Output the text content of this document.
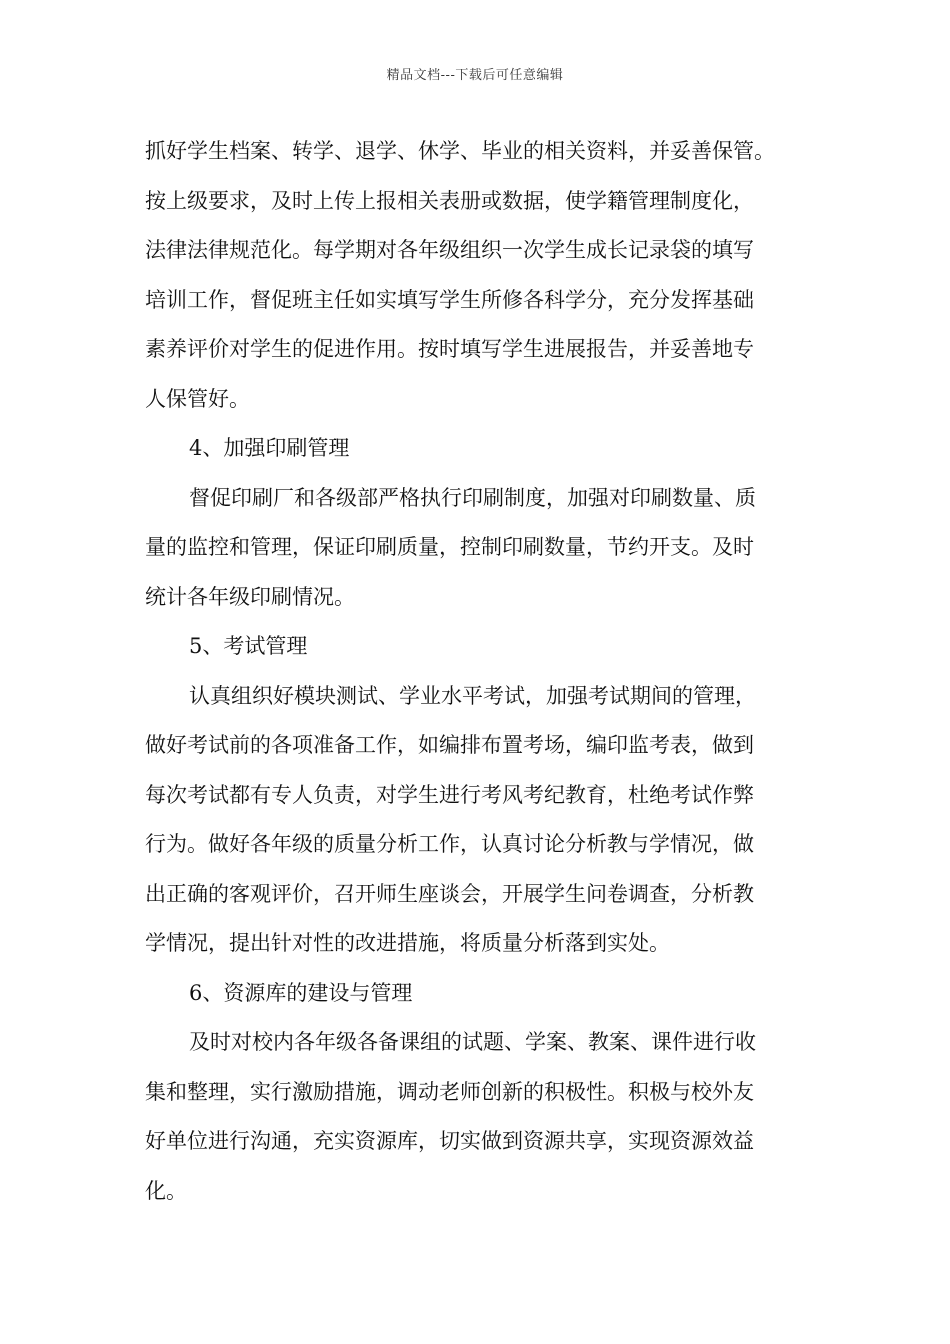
精品文档---下载后可任意编辑
抓好学生档案、转学、退学、休学、毕业的相关资料，并妥善保管。
按上级要求，及时上传上报相关表册或数据，使学籍管理制度化，
法律法律规范化。每学期对各年级组织一次学生成长记录袋的填写
培训工作，督促班主任如实填写学生所修各科学分，充分发挥基础
素养评价对学生的促进作用。按时填写学生进展报告，并妥善地专
人保管好。
4、加强印刷管理
督促印刷厂和各级部严格执行印刷制度，加强对印刷数量、质
量的监控和管理，保证印刷质量，控制印刷数量，节约开支。及时
统计各年级印刷情况。
5、考试管理
认真组织好模块测试、学业水平考试，加强考试期间的管理，
做好考试前的各项准备工作，如编排布置考场，编印监考表，做到
每次考试都有专人负责，对学生进行考风考纪教育，杜绝考试作弊
行为。做好各年级的质量分析工作，认真讨论分析教与学情况，做
出正确的客观评价，召开师生座谈会，开展学生问卷调查，分析教
学情况，提出针对性的改进措施，将质量分析落到实处。
6、资源库的建设与管理
及时对校内各年级各备课组的试题、学案、教案、课件进行收
集和整理，实行激励措施，调动老师创新的积极性。积极与校外友
好单位进行沟通，充实资源库，切实做到资源共享，实现资源效益
化。
